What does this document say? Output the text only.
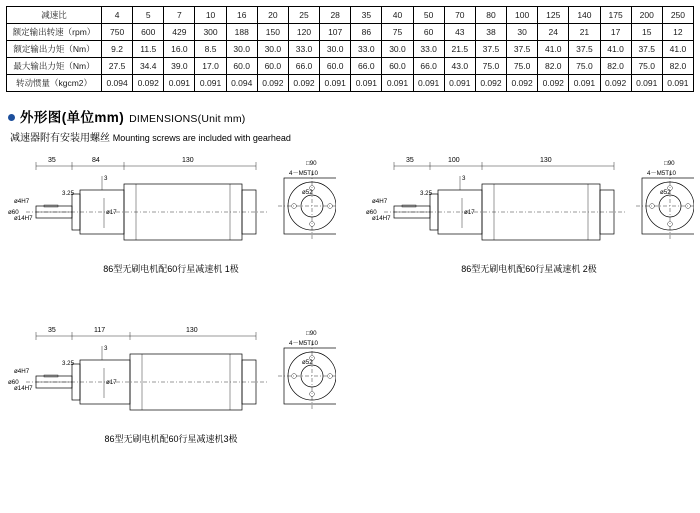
减速比	4	5	7	10	16	20	25	28	35	40	50	70	80	100	125	140	175	200	250
额定输出转速（rpm）	750	600	429	300	188	150	120	107	86	75	60	43	38	30	24	21	17	15	12
额定输出力矩（Nm）	9.2	11.5	16.0	8.5	30.0	30.0	33.0	30.0	33.0	30.0	33.0	21.5	37.5	37.5	41.0	37.5	41.0	37.5	41.0
最大输出力矩（Nm）	27.5	34.4	39.0	17.0	60.0	60.0	66.0	60.0	66.0	60.0	66.0	43.0	75.0	75.0	82.0	75.0	82.0	75.0	82.0
转动惯量（kgcm2）	0.094	0.092	0.091	0.091	0.094	0.092	0.092	0.091	0.091	0.091	0.091	0.091	0.092	0.092	0.092	0.091	0.092	0.091	0.091
外形图(单位mm) DIMENSIONS(Unit mm)
减速器附有安装用螺丝 Mounting screws are included with gearhead
35	84	130
3
3.25
ø4H7
ø14H7
ø60	ø17
□90
4－M5T10
ø52
86型无刷电机配60行星减速机 1极
35	100	130
3
3.25
ø4H7
ø14H7
ø60	ø17
□90
4－M5T10
ø52
86型无刷电机配60行星减速机 2极
35	117	130
3
3.25
ø4H7
ø14H7
ø60	ø17
□90
4－M5T10
ø52
86型无刷电机配60行星减速机3极
